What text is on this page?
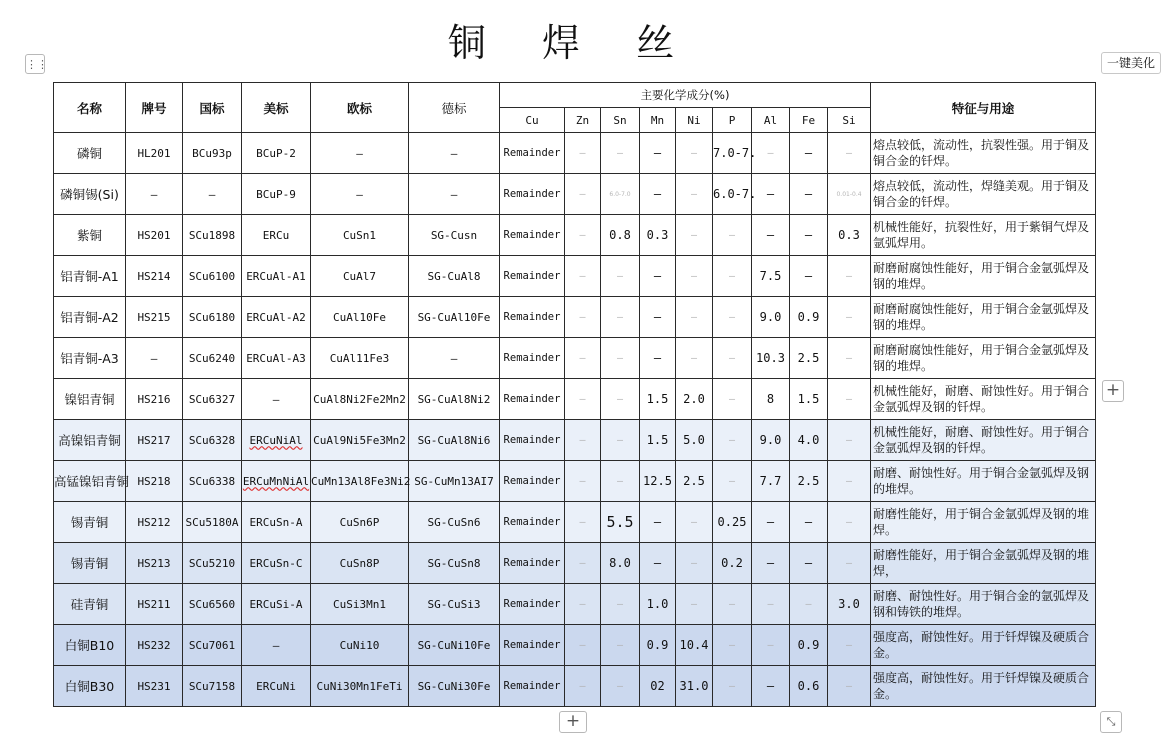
铜 焊 丝
⋮⋮	一键美化
名称	牌号	国标	美标	欧标	德标	主要化学成分(%)									特征与用途
						Cu	Zn	Sn	Mn	Ni	P	Al	Fe	Si	
磷铜	HL201	BCu93p	BCuP-2	—	—	Remainder	–	–	—	–	7.0-7.	–	—	–	熔点较低，流动性，抗裂性强。用于铜及铜合金的钎焊。
磷铜锡(Si)	—	—	BCuP-9	—	—	Remainder	–	6.0-7.0	—	–	6.0-7.	—	—	0.01-0.4	熔点较低，流动性，焊缝美观。用于铜及铜合金的钎焊。
紫铜	HS201	SCu1898	ERCu	CuSn1	SG-Cusn	Remainder	–	0.8	0.3	–	–	—	—	0.3	机械性能好，抗裂性好，用于紫铜气焊及氩弧焊用。
铝青铜-A1	HS214	SCu6100	ERCuAl-A1	CuAl7	SG-CuAl8	Remainder	–	–	—	–	–	7.5	—	–	耐磨耐腐蚀性能好，用于铜合金氩弧焊及钢的堆焊。
铝青铜-A2	HS215	SCu6180	ERCuAl-A2	CuAl10Fe	SG-CuAl10Fe	Remainder	–	–	—	–	–	9.0	0.9	–	耐磨耐腐蚀性能好，用于铜合金氩弧焊及钢的堆焊。
铝青铜-A3	–	SCu6240	ERCuAl-A3	CuAl11Fe3	–	Remainder	–	–	—	–	–	10.3	2.5	–	耐磨耐腐蚀性能好，用于铜合金氩弧焊及钢的堆焊。
镍铝青铜	HS216	SCu6327	—	CuAl8Ni2Fe2Mn2	SG-CuAl8Ni2	Remainder	–	–	1.5	2.0	–	8	1.5	–	机械性能好，耐磨、耐蚀性好。用于铜合金氩弧焊及钢的钎焊。
高镍铝青铜	HS217	SCu6328	ERCuNiAl	CuAl9Ni5Fe3Mn2	SG-CuAl8Ni6	Remainder	–	–	1.5	5.0	–	9.0	4.0	–	机械性能好，耐磨、耐蚀性好。用于铜合金氩弧焊及钢的钎焊。
高锰镍铝青铜	HS218	SCu6338	ERCuMnNiAl	CuMn13Al8Fe3Ni2	SG-CuMn13AI7	Remainder	–	–	12.5	2.5	–	7.7	2.5	–	耐磨、耐蚀性好。用于铜合金氩弧焊及钢的堆焊。
锡青铜	HS212	SCu5180A	ERCuSn-A	CuSn6P	SG-CuSn6	Remainder	–	5.5	—	–	0.25	—	—	–	耐磨性能好，用于铜合金氩弧焊及钢的堆焊。
锡青铜	HS213	SCu5210	ERCuSn-C	CuSn8P	SG-CuSn8	Remainder	–	8.0	—	–	0.2	—	—	–	耐磨性能好，用于铜合金氩弧焊及钢的堆焊，
硅青铜	HS211	SCu6560	ERCuSi-A	CuSi3Mn1	SG-CuSi3	Remainder	–	–	1.0	–	–	–	–	3.0	耐磨、耐蚀性好。用于铜合金的氩弧焊及钢和铸铁的堆焊。
白铜B10	HS232	SCu7061	–	CuNi10	SG-CuNi10Fe	Remainder	–	–	0.9	10.4	–	–	0.9	–	强度高，耐蚀性好。用于钎焊镍及硬质合金。
白铜B30	HS231	SCu7158	ERCuNi	CuNi30Mn1FeTi	SG-CuNi30Fe	Remainder	–	–	02	31.0	–	—	0.6	–	强度高，耐蚀性好。用于钎焊镍及硬质合金。
+
+	⤡
